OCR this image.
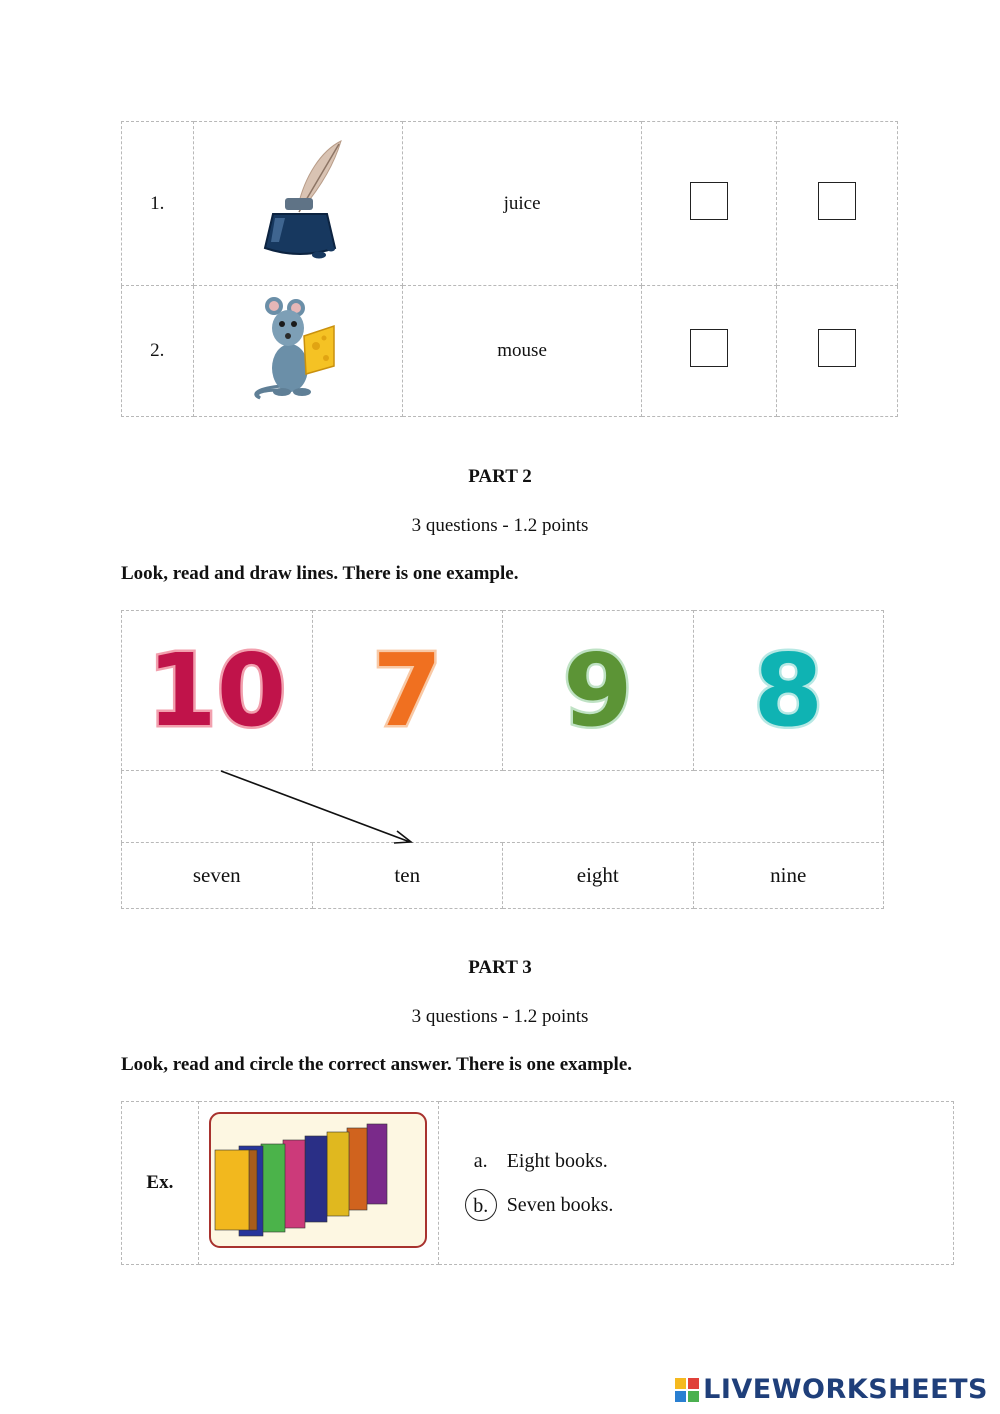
1.		juice		
2.		mouse		
PART 2
3 questions - 1.2 points
Look, read and draw lines. There is one example.
10	7	9	8

seven	ten	eight	nine
PART 3
3 questions - 1.2 points
Look, read and circle the correct answer. There is one example.
Ex.		
a. Eight books.
b. Seven books.
LIVEWORKSHEETS
